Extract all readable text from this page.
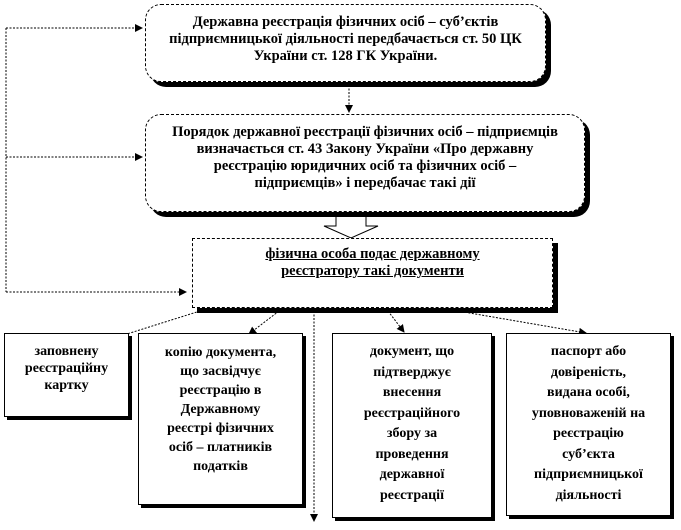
Державна реєстрація фізичних осіб – суб’єктів
підприємницької діяльності передбачається ст. 50 ЦК
України ст. 128 ГК України.
Порядок державної реєстрації фізичних осіб – підприємців
визначається ст. 43 Закону України «Про державну
реєстрацію юридичних осіб та фізичних осіб –
підприємців» і передбачає такі дії
фізична особа подає державному
реєстратору такі документи
заповнену
реєстраційну
картку
копію документа,
що засвідчує
реєстрацію в
Державному
реєстрі фізичних
осіб – платників
податків
документ, що
підтверджує
внесення
реєстраційного
збору за
проведення
державної
реєстрації
паспорт або
довіреність,
видана особі,
уповноваженій на
реєстрацію
суб’єкта
підприємницької
діяльності
